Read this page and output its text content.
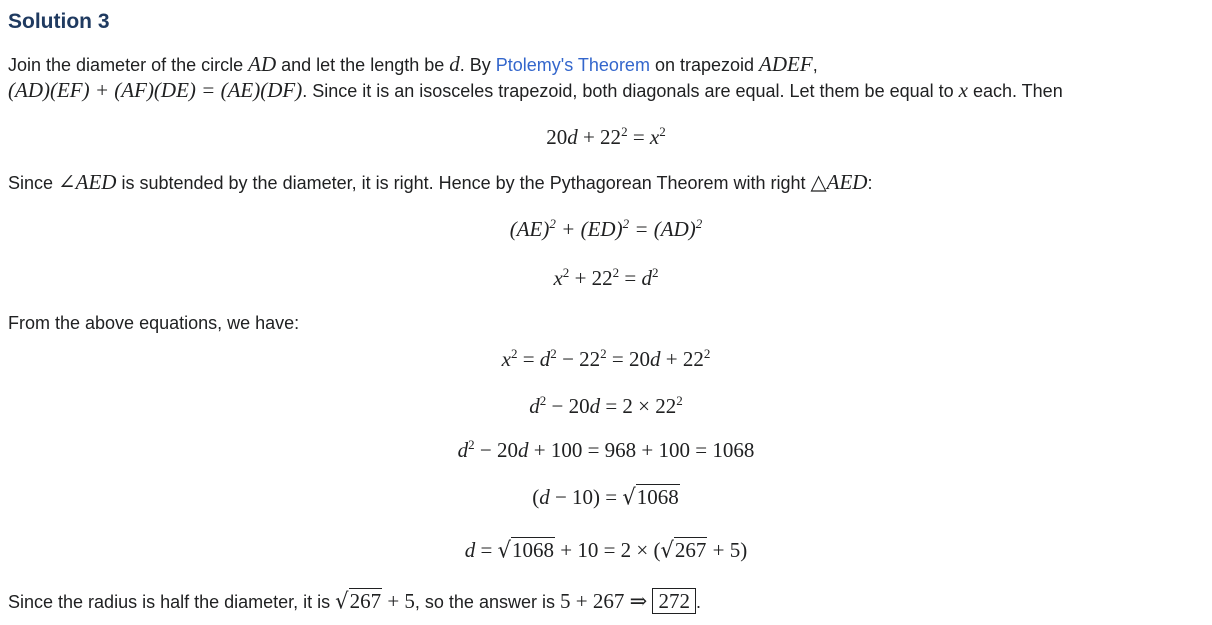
Solution 3
Join the diameter of the circle AD and let the length be d. By Ptolemy's Theorem on trapezoid ADEF,
(AD)(EF) + (AF)(DE) = (AE)(DF). Since it is an isosceles trapezoid, both diagonals are equal. Let them be equal to x each. Then
$20d + 22^2 = x^2$
Since ∠AED is subtended by the diameter, it is right. Hence by the Pythagorean Theorem with right △AED:
(AE)$^2$ + (ED)$^2$ = (AD)$^2$
$x^2 + 22^2 = d^2$
From the above equations, we have:
$x^2 = d^2 - 22^2 = 20d + 22^2$
$d^2 - 20d = 2 \times 22^2$
$d^2 - 20d + 100 = 968 + 100 = 1068$
(d − 10) = √1068
d = √1068 + 10 = 2 × (√267 + 5)
Since the radius is half the diameter, it is √267 + 5, so the answer is 5 + 267 ⇒ 272 .
